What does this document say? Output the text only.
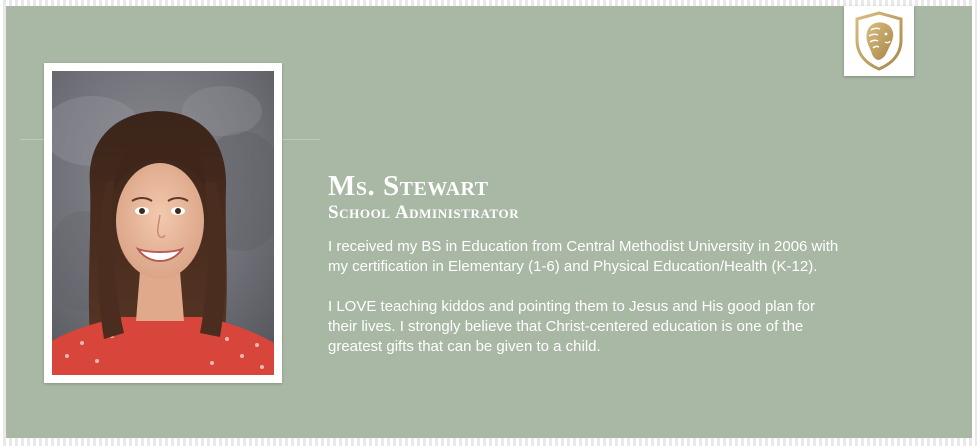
Ms. Stewart
School Administrator

I received my BS in Education from Central Methodist University in 2006 with my certification in Elementary (1-6) and Physical Education/Health (K-12).

I LOVE teaching kiddos and pointing them to Jesus and His good plan for their lives. I strongly believe that Christ-centered education is one of the greatest gifts that can be given to a child.
